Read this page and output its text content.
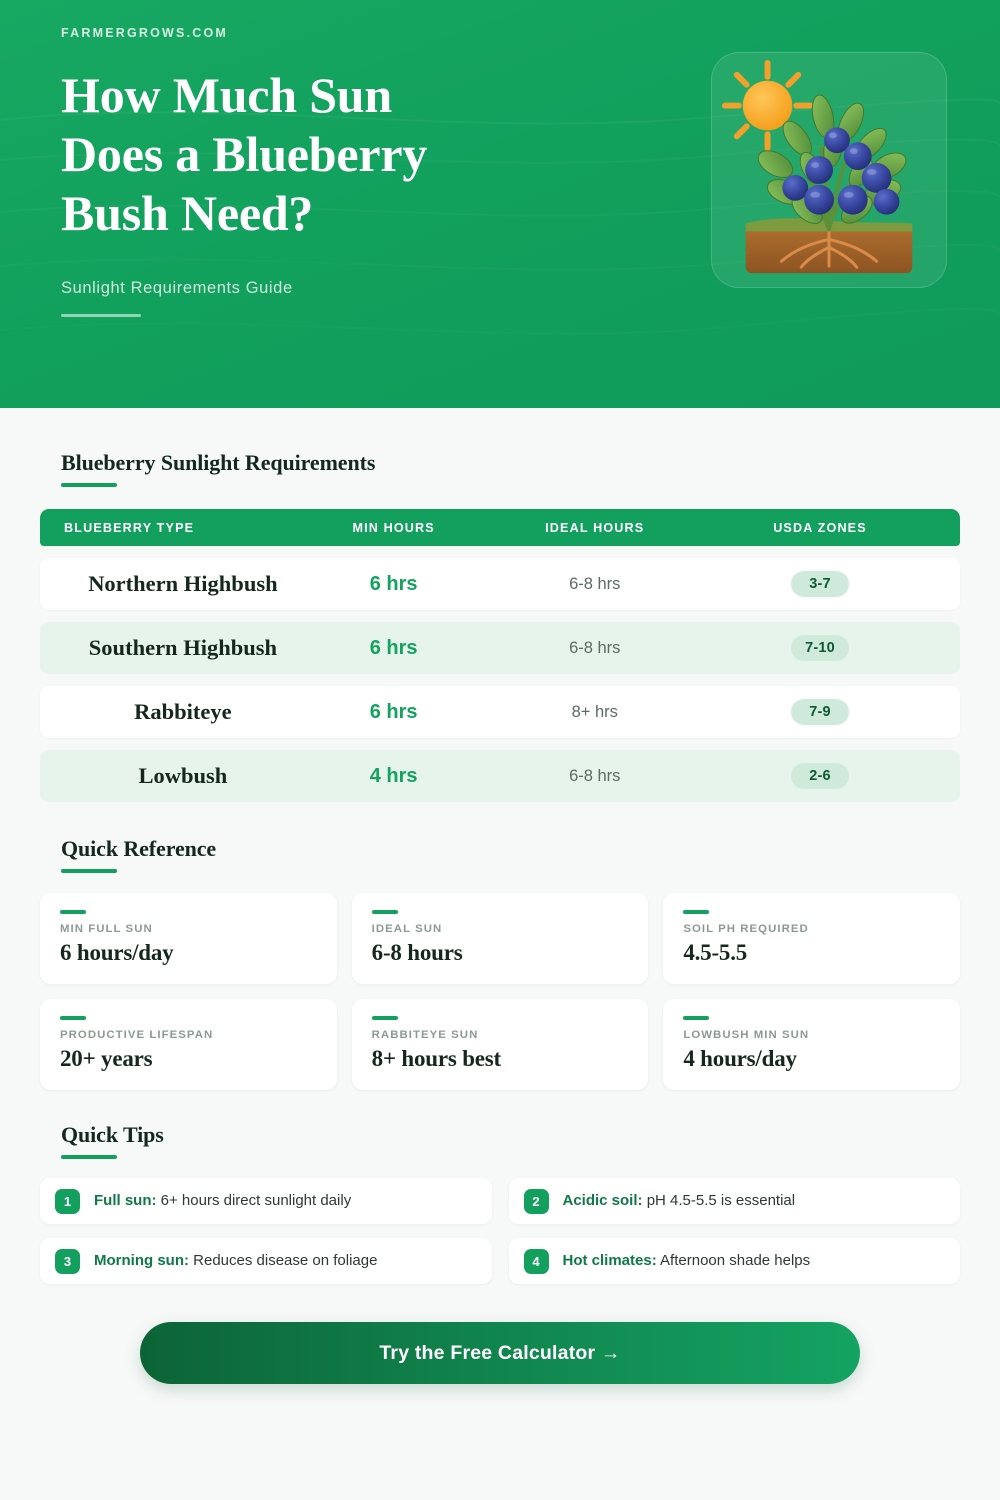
FARMERGROWS.COM
How Much Sun
Does a Blueberry
Bush Need?
Sunlight Requirements Guide
Blueberry Sunlight Requirements
BLUEBERRY TYPE	MIN HOURS	IDEAL HOURS	USDA ZONES
Northern Highbush	6 hrs	6-8 hrs	3-7
Southern Highbush	6 hrs	6-8 hrs	7-10
Rabbiteye	6 hrs	8+ hrs	7-9
Lowbush	4 hrs	6-8 hrs	2-6
Quick Reference
MIN FULL SUN
6 hours/day
IDEAL SUN
6-8 hours
SOIL PH REQUIRED
4.5-5.5
PRODUCTIVE LIFESPAN
20+ years
RABBITEYE SUN
8+ hours best
LOWBUSH MIN SUN
4 hours/day
Quick Tips
1	Full sun: 6+ hours direct sunlight daily	2	Acidic soil: pH 4.5-5.5 is essential
3	Morning sun: Reduces disease on foliage	4	Hot climates: Afternoon shade helps
Try the Free Calculator →
